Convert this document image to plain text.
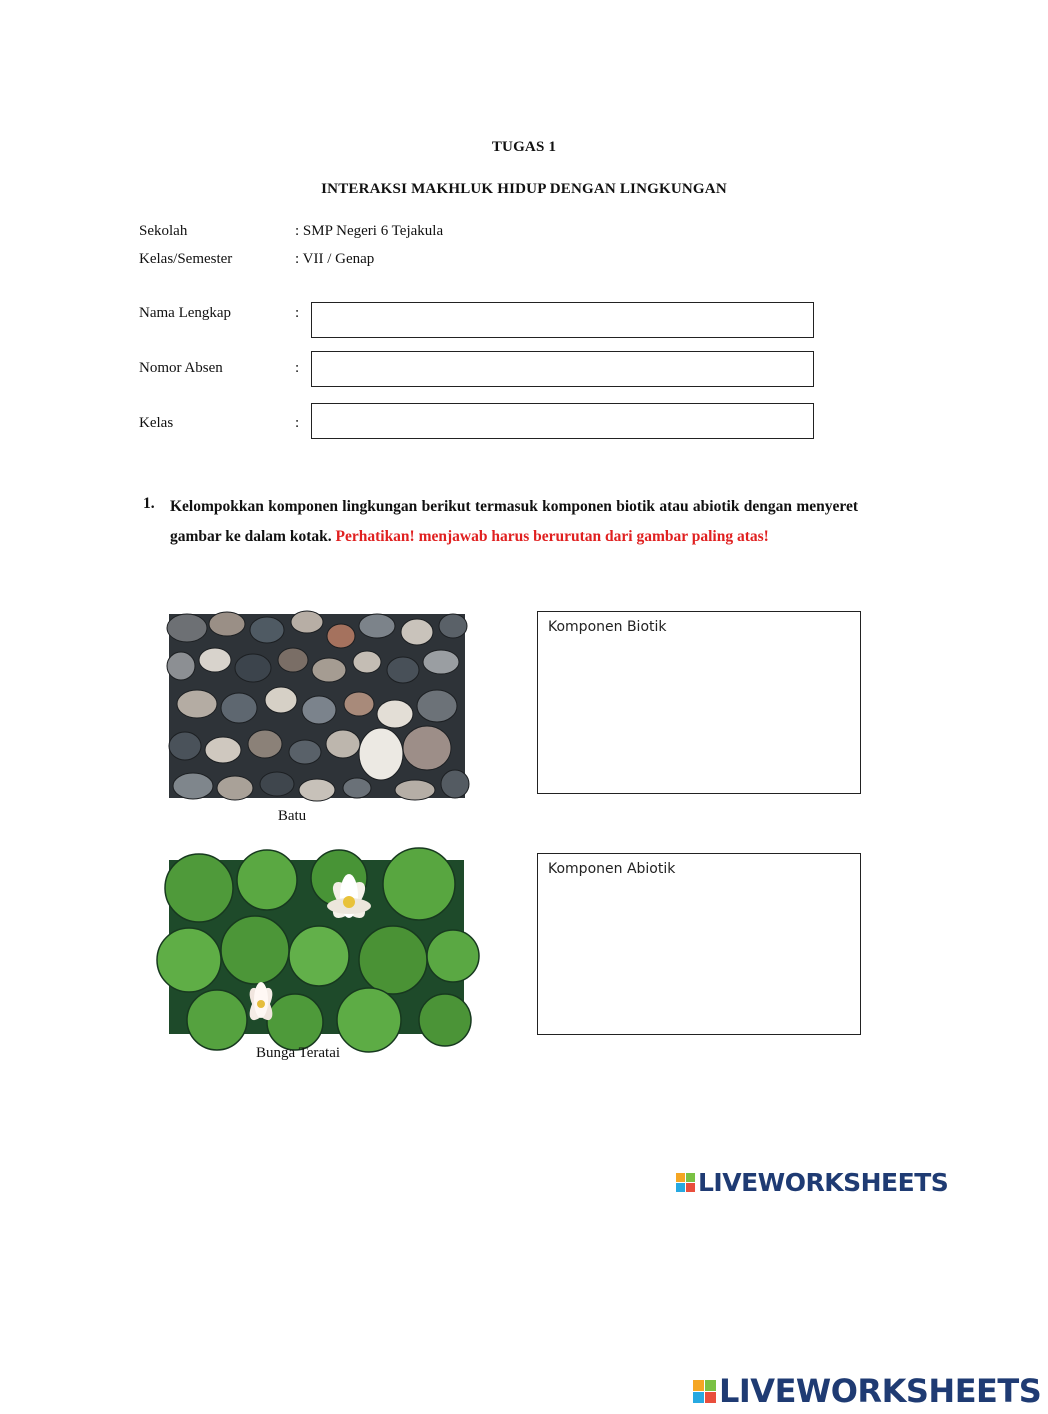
TUGAS 1
INTERAKSI MAKHLUK HIDUP DENGAN LINGKUNGAN
Sekolah	: SMP Negeri 6 Tejakula
Kelas/Semester	: VII / Genap
Nama Lengkap	:
Nomor Absen	:
Kelas	:
1. Kelompokkan komponen lingkungan berikut termasuk komponen biotik atau abiotik dengan menyeret gambar ke dalam kotak. Perhatikan! menjawab harus berurutan dari gambar paling atas!
Batu
Bunga Teratai
Komponen Biotik
Komponen Abiotik
LIVEWORKSHEETS
LIVEWORKSHEETS
